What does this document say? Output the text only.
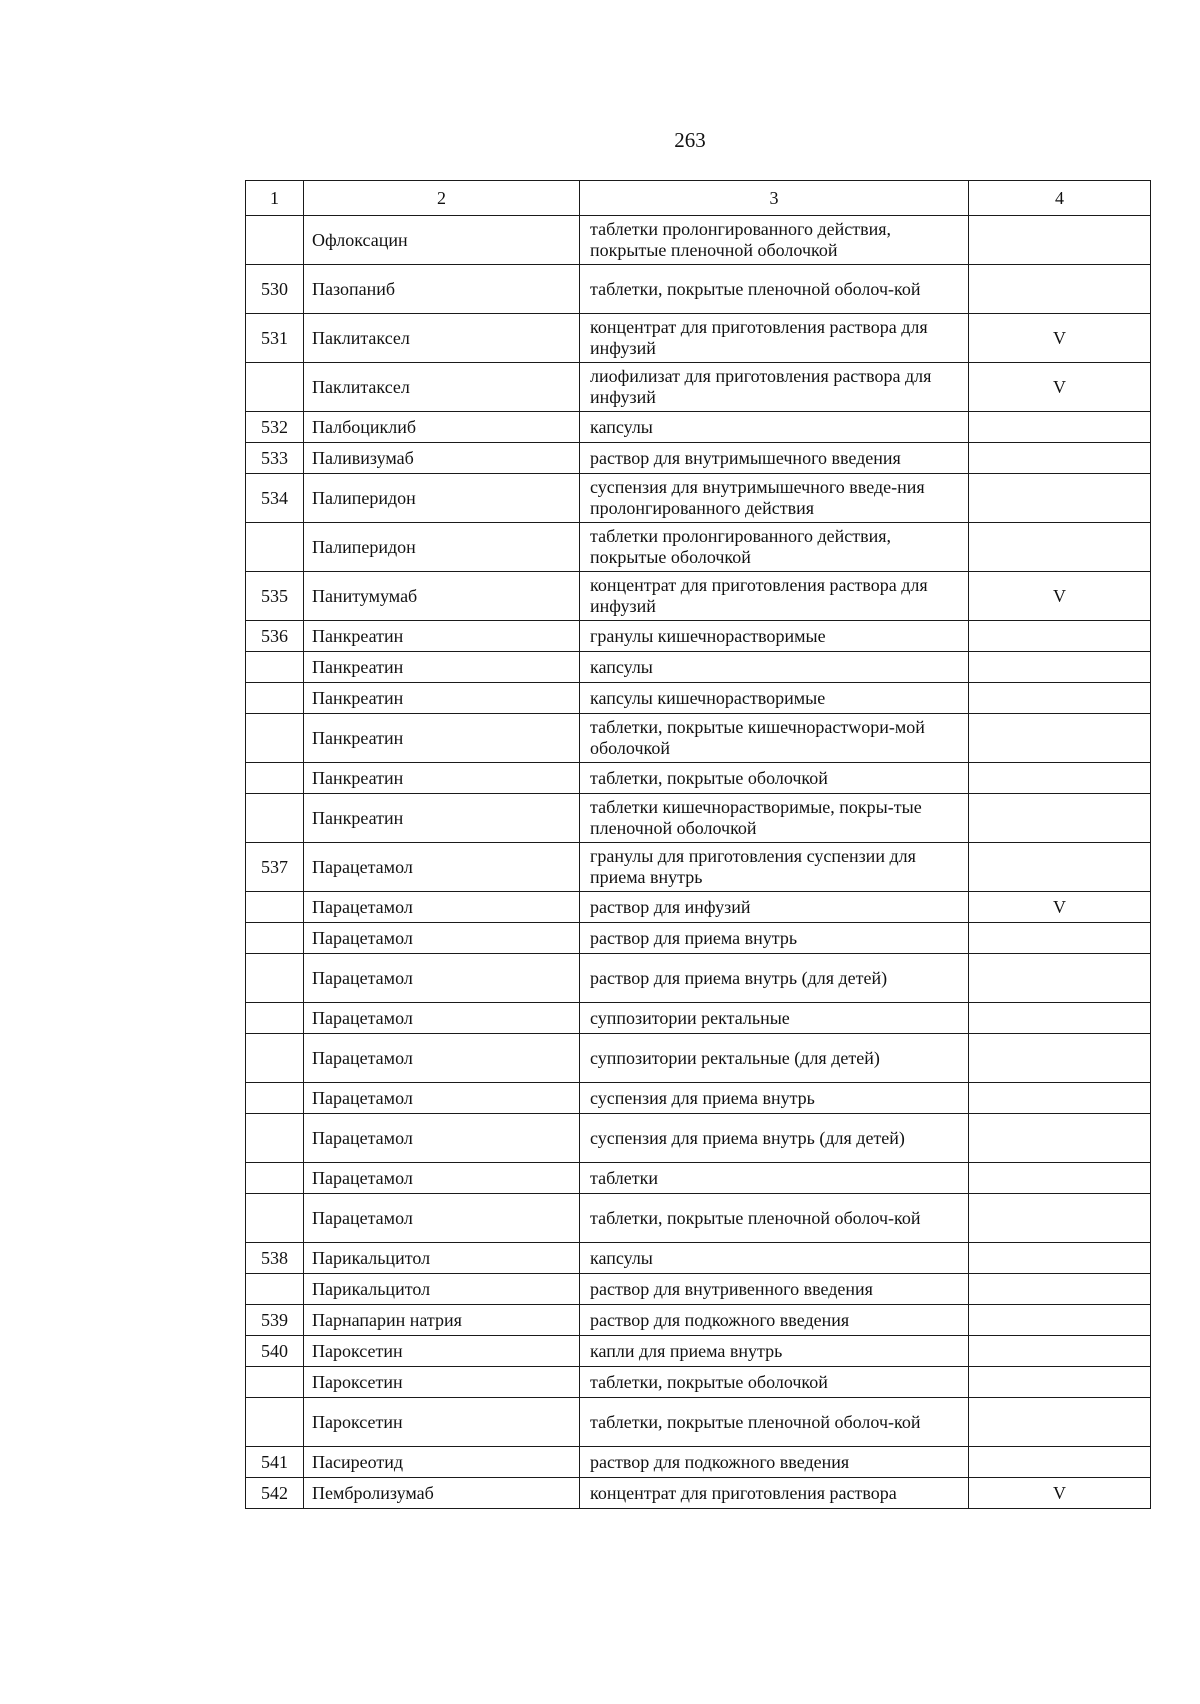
263
1	2	3	4
	Офлоксацин	таблетки пролонгированного действия, покрытые пленочной оболочкой	
530	Пазопаниб	таблетки, покрытые пленочной оболоч-кой	
531	Паклитаксел	концентрат для приготовления раствора для инфузий	V
	Паклитаксел	лиофилизат для приготовления раствора для инфузий	V
532	Палбоциклиб	капсулы	
533	Паливизумаб	раствор для внутримышечного введения	
534	Палиперидон	суспензия для внутримышечного введе-ния пролонгированного действия	
	Палиперидон	таблетки пролонгированного действия, покрытые оболочкой	
535	Панитумумаб	концентрат для приготовления раствора для инфузий	V
536	Панкреатин	гранулы кишечнорастворимые	
	Панкреатин	капсулы	
	Панкреатин	капсулы кишечнорастворимые	
	Панкреатин	таблетки, покрытые кишечнорастwори-мой оболочкой	
	Панкреатин	таблетки, покрытые оболочкой	
	Панкреатин	таблетки кишечнорастворимые, покры-тые пленочной оболочкой	
537	Парацетамол	гранулы для приготовления суспензии для приема внутрь	
	Парацетамол	раствор для инфузий	V
	Парацетамол	раствор для приема внутрь	
	Парацетамол	раствор для приема внутрь (для детей)	
	Парацетамол	суппозитории ректальные	
	Парацетамол	суппозитории ректальные (для детей)	
	Парацетамол	суспензия для приема внутрь	
	Парацетамол	суспензия для приема внутрь (для детей)	
	Парацетамол	таблетки	
	Парацетамол	таблетки, покрытые пленочной оболоч-кой	
538	Парикальцитол	капсулы	
	Парикальцитол	раствор для внутривенного введения	
539	Парнапарин натрия	раствор для подкожного введения	
540	Пароксетин	капли для приема внутрь	
	Пароксетин	таблетки, покрытые оболочкой	
	Пароксетин	таблетки, покрытые пленочной оболоч-кой	
541	Пасиреотид	раствор для подкожного введения	
542	Пембролизумаб	концентрат для приготовления раствора	V
